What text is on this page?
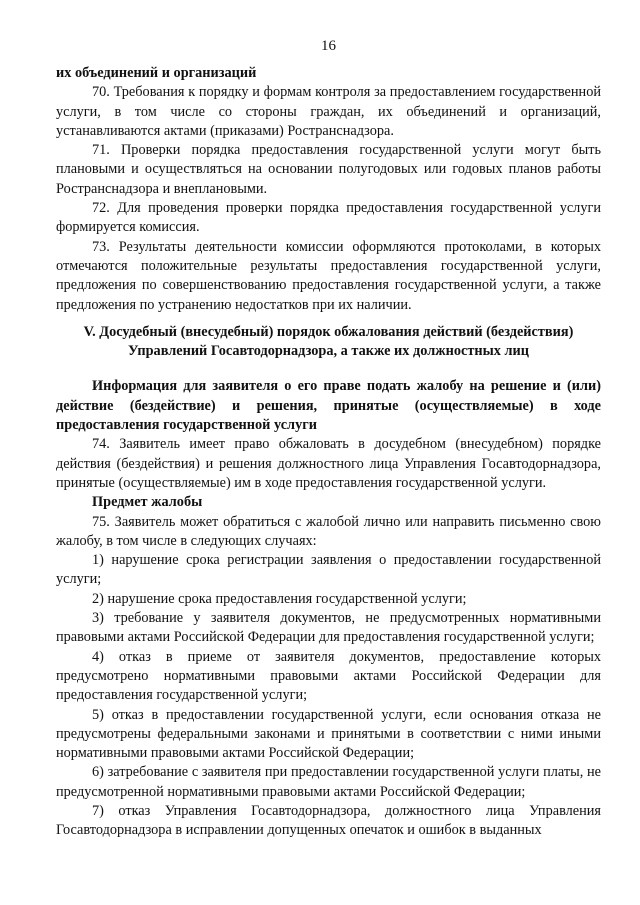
16

их объединений и организаций

70. Требования к порядку и формам контроля за предоставлением государственной услуги, в том числе со стороны граждан, их объединений и организаций, устанавливаются актами (приказами) Ространснадзора.

71. Проверки порядка предоставления государственной услуги могут быть плановыми и осуществляться на основании полугодовых или годовых планов работы Ространснадзора и внеплановыми.

72. Для проведения проверки порядка предоставления государственной услуги формируется комиссия.

73. Результаты деятельности комиссии оформляются протоколами, в которых отмечаются положительные результаты предоставления государственной услуги, предложения по совершенствованию предоставления государственной услуги, а также предложения по устранению недостатков при их наличии.

V. Досудебный (внесудебный) порядок обжалования действий (бездействия) Управлений Госавтодорнадзора, а также их должностных лиц

Информация для заявителя о его праве подать жалобу на решение и (или) действие (бездействие) и решения, принятые (осуществляемые) в ходе предоставления государственной услуги

74. Заявитель имеет право обжаловать в досудебном (внесудебном) порядке действия (бездействия) и решения должностного лица Управления Госавтодорнадзора, принятые (осуществляемые) им в ходе предоставления государственной услуги.

Предмет жалобы

75. Заявитель может обратиться с жалобой лично или направить письменно свою жалобу, в том числе в следующих случаях:

1) нарушение срока регистрации заявления о предоставлении государственной услуги;

2) нарушение срока предоставления государственной услуги;

3) требование у заявителя документов, не предусмотренных нормативными правовыми актами Российской Федерации для предоставления государственной услуги;

4) отказ в приеме от заявителя документов, предоставление которых предусмотрено нормативными правовыми актами Российской Федерации для предоставления государственной услуги;

5) отказ в предоставлении государственной услуги, если основания отказа не предусмотрены федеральными законами и принятыми в соответствии с ними иными нормативными правовыми актами Российской Федерации;

6) затребование с заявителя при предоставлении государственной услуги платы, не предусмотренной нормативными правовыми актами Российской Федерации;

7) отказ Управления Госавтодорнадзора, должностного лица Управления Госавтодорнадзора в исправлении допущенных опечаток и ошибок в выданных
